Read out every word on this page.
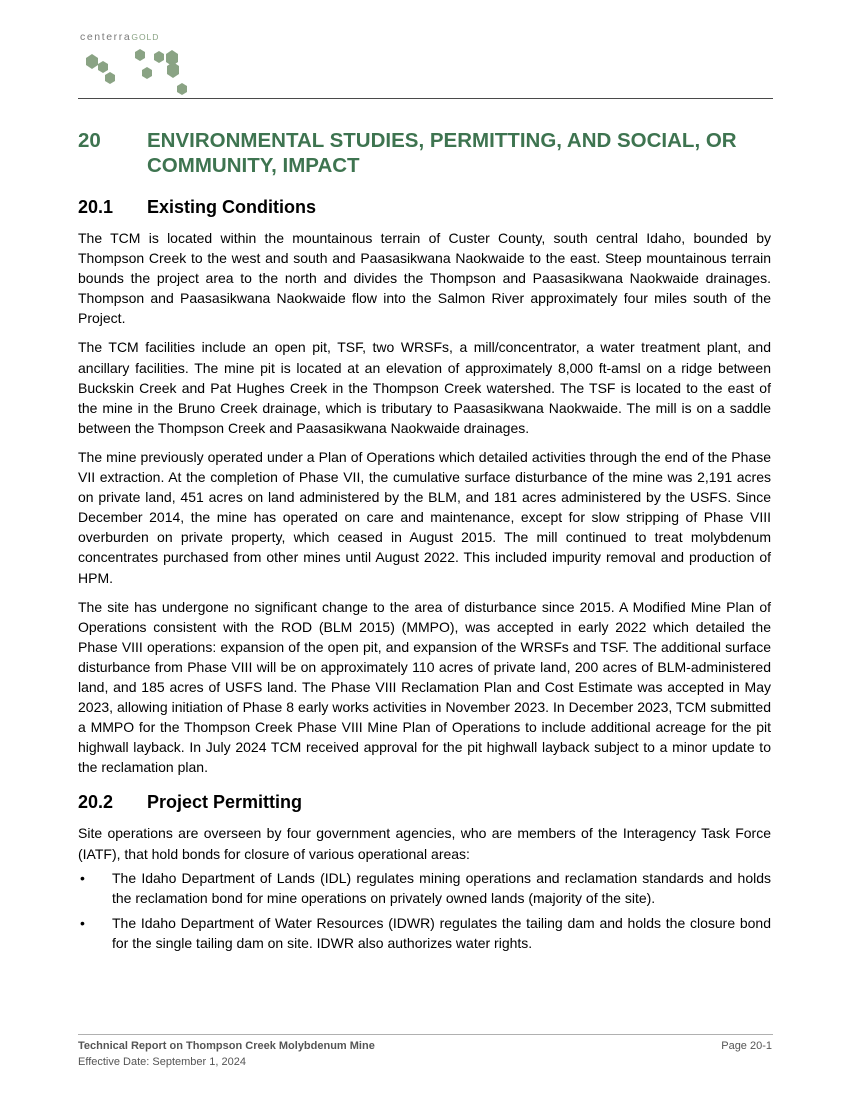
centerraGOLD
20	ENVIRONMENTAL STUDIES, PERMITTING, AND SOCIAL, OR COMMUNITY, IMPACT
20.1	Existing Conditions

The TCM is located within the mountainous terrain of Custer County, south central Idaho, bounded by Thompson Creek to the west and south and Paasasikwana Naokwaide to the east. Steep mountainous terrain bounds the project area to the north and divides the Thompson and Paasasikwana Naokwaide drainages. Thompson and Paasasikwana Naokwaide flow into the Salmon River approximately four miles south of the Project.

The TCM facilities include an open pit, TSF, two WRSFs, a mill/concentrator, a water treatment plant, and ancillary facilities. The mine pit is located at an elevation of approximately 8,000 ft-amsl on a ridge between Buckskin Creek and Pat Hughes Creek in the Thompson Creek watershed. The TSF is located to the east of the mine in the Bruno Creek drainage, which is tributary to Paasasikwana Naokwaide. The mill is on a saddle between the Thompson Creek and Paasasikwana Naokwaide drainages.

The mine previously operated under a Plan of Operations which detailed activities through the end of the Phase VII extraction. At the completion of Phase VII, the cumulative surface disturbance of the mine was 2,191 acres on private land, 451 acres on land administered by the BLM, and 181 acres administered by the USFS. Since December 2014, the mine has operated on care and maintenance, except for slow stripping of Phase VIII overburden on private property, which ceased in August 2015. The mill continued to treat molybdenum concentrates purchased from other mines until August 2022. This included impurity removal and production of HPM.

The site has undergone no significant change to the area of disturbance since 2015. A Modified Mine Plan of Operations consistent with the ROD (BLM 2015) (MMPO), was accepted in early 2022 which detailed the Phase VIII operations: expansion of the open pit, and expansion of the WRSFs and TSF. The additional surface disturbance from Phase VIII will be on approximately 110 acres of private land, 200 acres of BLM-administered land, and 185 acres of USFS land. The Phase VIII Reclamation Plan and Cost Estimate was accepted in May 2023, allowing initiation of Phase 8 early works activities in November 2023. In December 2023, TCM submitted a MMPO for the Thompson Creek Phase VIII Mine Plan of Operations to include additional acreage for the pit highwall layback. In July 2024 TCM received approval for the pit highwall layback subject to a minor update to the reclamation plan.

20.2	Project Permitting

Site operations are overseen by four government agencies, who are members of the Interagency Task Force (IATF), that hold bonds for closure of various operational areas:

•	The Idaho Department of Lands (IDL) regulates mining operations and reclamation standards and holds the reclamation bond for mine operations on privately owned lands (majority of the site).
•	The Idaho Department of Water Resources (IDWR) regulates the tailing dam and holds the closure bond for the single tailing dam on site. IDWR also authorizes water rights.
Technical Report on Thompson Creek Molybdenum Mine
Effective Date: September 1, 2024
Page 20-1
